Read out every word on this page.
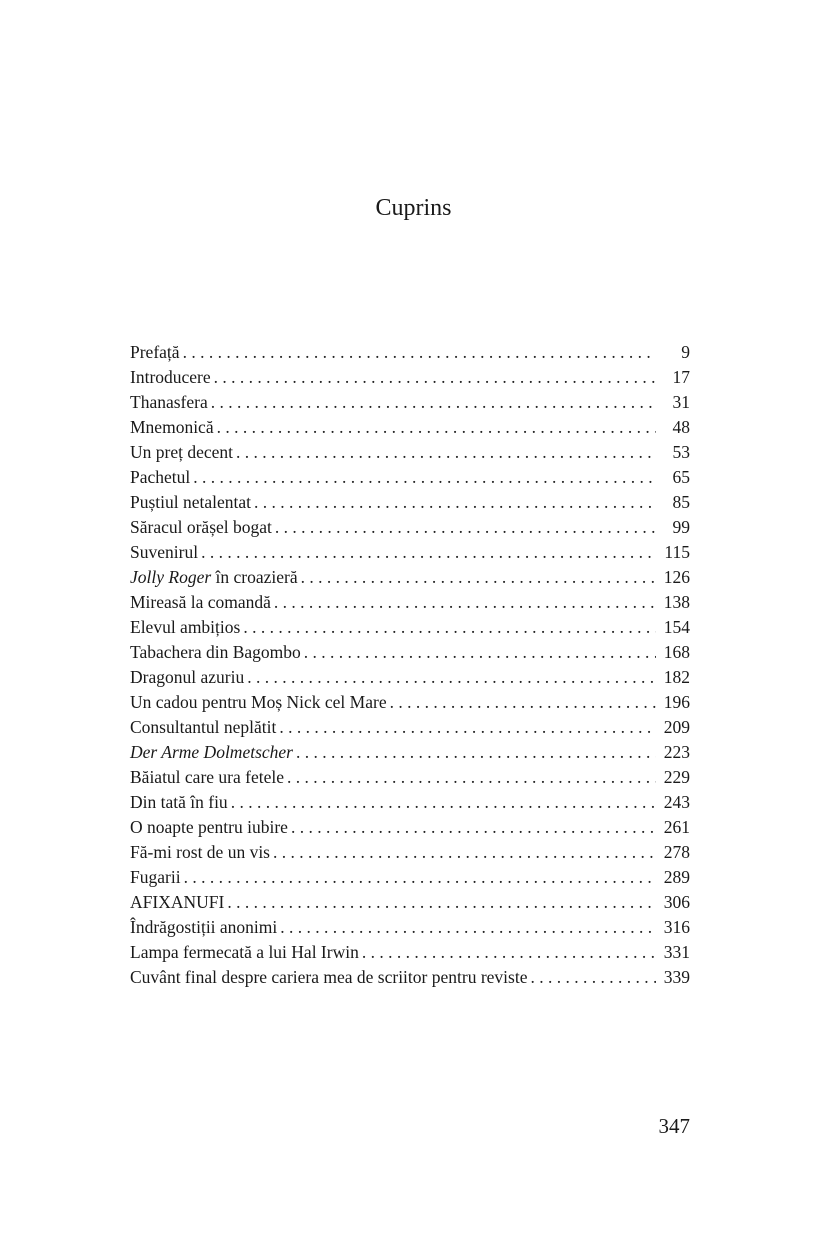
Cuprins
Prefață . . .	9
Introducere . . .	17
Thanasfera . . .	31
Mnemonică . . .	48
Un preț decent . . .	53
Pachetul . . .	65
Puștiul netalentat . . .	85
Săracul orășel bogat . . .	99
Suvenirul . . .	115
Jolly Roger în croazieră . . .	126
Mireasă la comandă . . .	138
Elevul ambițios . . .	154
Tabachera din Bagombo . . .	168
Dragonul azuriu . . .	182
Un cadou pentru Moș Nick cel Mare . . .	196
Consultantul neplătit . . .	209
Der Arme Dolmetscher . . .	223
Băiatul care ura fetele . . .	229
Din tată în fiu . . .	243
O noapte pentru iubire . . .	261
Fă-mi rost de un vis . . .	278
Fugarii . . .	289
AFIXANUFI . . .	306
Îndrăgostiții anonimi . . .	316
Lampa fermecată a lui Hal Irwin . . .	331
Cuvânt final despre cariera mea de scriitor pentru reviste . . .	339
347
